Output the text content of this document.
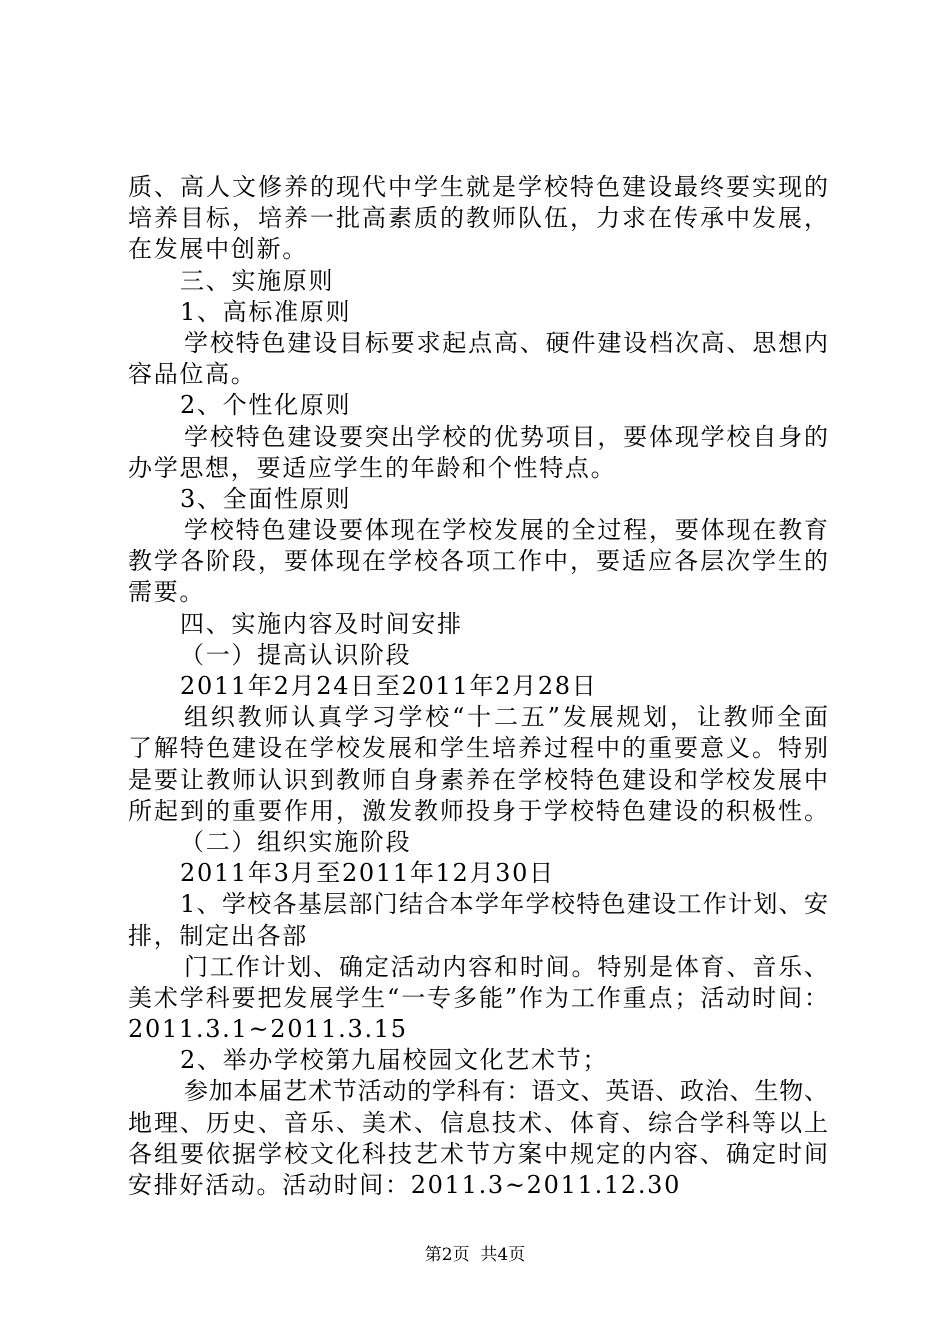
质、高人文修养的现代中学生就是学校特色建设最终要实现的
培养目标，培养一批高素质的教师队伍，力求在传承中发展，
在发展中创新。
三、实施原则
1、高标准原则
学校特色建设目标要求起点高、硬件建设档次高、思想内
容品位高。
2、个性化原则
学校特色建设要突出学校的优势项目，要体现学校自身的
办学思想，要适应学生的年龄和个性特点。
3、全面性原则
学校特色建设要体现在学校发展的全过程，要体现在教育
教学各阶段，要体现在学校各项工作中，要适应各层次学生的
需要。
四、实施内容及时间安排
（一）提高认识阶段
2011年2月24日至2011年2月28日
组织教师认真学习学校“十二五”发展规划，让教师全面
了解特色建设在学校发展和学生培养过程中的重要意义。特别
是要让教师认识到教师自身素养在学校特色建设和学校发展中
所起到的重要作用，激发教师投身于学校特色建设的积极性。
（二）组织实施阶段
2011年3月至2011年12月30日
1、学校各基层部门结合本学年学校特色建设工作计划、安
排，制定出各部
门工作计划、确定活动内容和时间。特别是体育、音乐、
美术学科要把发展学生“一专多能”作为工作重点；活动时间：
2011.3.1~2011.3.15
2、举办学校第九届校园文化艺术节；
参加本届艺术节活动的学科有：语文、英语、政治、生物、
地理、历史、音乐、美术、信息技术、体育、综合学科等以上
各组要依据学校文化科技艺术节方案中规定的内容、确定时间
安排好活动。活动时间：2011.3~2011.12.30
第2页  共4页
